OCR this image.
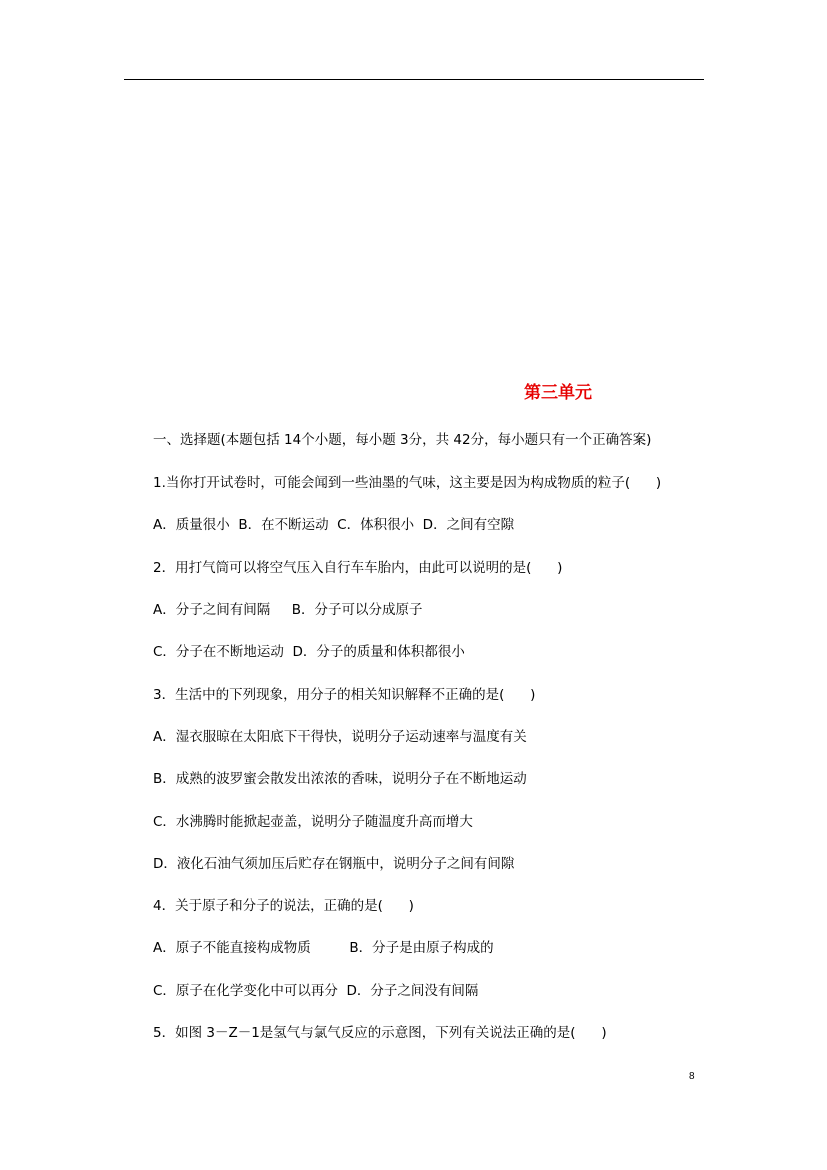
第三单元
一、选择题(本题包括 14个小题，每小题 3分，共 42分，每小题只有一个正确答案)
1.当你打开试卷时，可能会闻到一些油墨的气味，这主要是因为构成物质的粒子(      )
A．质量很小  B．在不断运动  C．体积很小  D．之间有空隙
2．用打气筒可以将空气压入自行车车胎内，由此可以说明的是(      )
A．分子之间有间隔     B．分子可以分成原子
C．分子在不断地运动  D．分子的质量和体积都很小
3．生活中的下列现象，用分子的相关知识解释不正确的是(      )
A．湿衣服晾在太阳底下干得快，说明分子运动速率与温度有关
B．成熟的波罗蜜会散发出浓浓的香味，说明分子在不断地运动
C．水沸腾时能掀起壶盖，说明分子随温度升高而增大
D．液化石油气须加压后贮存在钢瓶中，说明分子之间有间隙
4．关于原子和分子的说法，正确的是(      )
A．原子不能直接构成物质         B．分子是由原子构成的
C．原子在化学变化中可以再分  D．分子之间没有间隔
5．如图 3－Z－1是氢气与氯气反应的示意图，下列有关说法正确的是(      )
8
